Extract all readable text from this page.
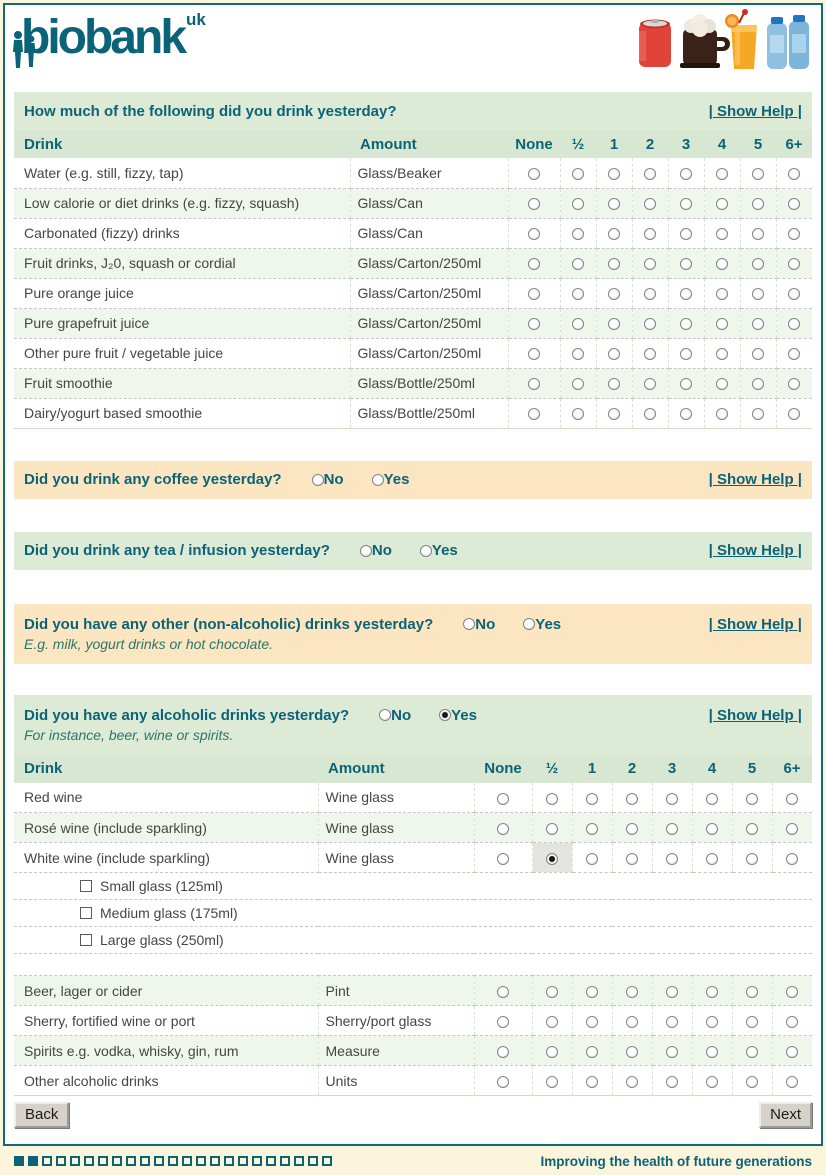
biobank $^{uk}$
How much of the following did you drink yesterday?	| Show Help |
Drink	Amount	None	½	1	2	3	4	5	6+
Water (e.g. still, fizzy, tap)	Glass/Beaker								
Low calorie or diet drinks (e.g. fizzy, squash)	Glass/Can								
Carbonated (fizzy) drinks	Glass/Can								
Fruit drinks, J₂0, squash or cordial	Glass/Carton/250ml								
Pure orange juice	Glass/Carton/250ml								
Pure grapefruit juice	Glass/Carton/250ml								
Other pure fruit / vegetable juice	Glass/Carton/250ml								
Fruit smoothie	Glass/Bottle/250ml								
Dairy/yogurt based smoothie	Glass/Bottle/250ml								
Did you drink any coffee yesterday?	No	Yes	| Show Help |
Did you drink any tea / infusion yesterday?	No	Yes	| Show Help |
Did you have any other (non-alcoholic) drinks yesterday?	No	Yes	| Show Help |
E.g. milk, yogurt drinks or hot chocolate.
Did you have any alcoholic drinks yesterday?	No	Yes	| Show Help |
For instance, beer, wine or spirits.
Drink	Amount	None	½	1	2	3	4	5	6+
Red wine	Wine glass								
Rosé wine (include sparkling)	Wine glass								
White wine (include sparkling)	Wine glass								

Small glass (125ml)									

Medium glass (175ml)									

Large glass (250ml)									

Beer, lager or cider	Pint								
Sherry, fortified wine or port	Sherry/port glass								
Spirits e.g. vodka, whisky, gin, rum	Measure								
Other alcoholic drinks	Units								
Back	Next
Improving the health of future generations
